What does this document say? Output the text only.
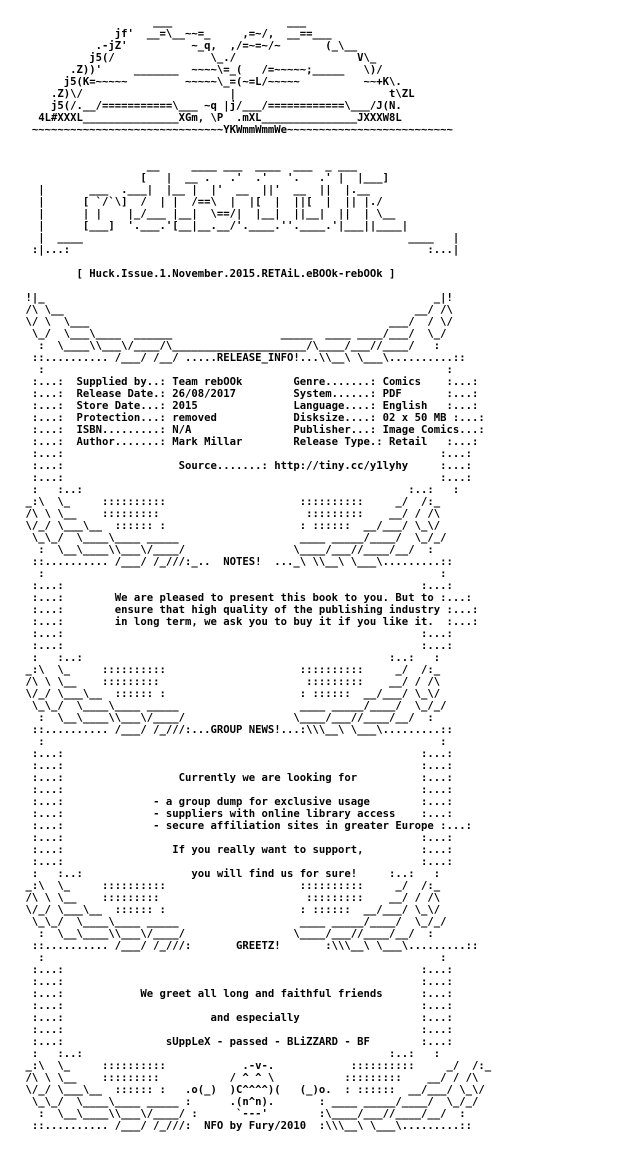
___                  ___
jf'  __=\__~~=_     ,=~/,  __==___
.-jZ'          ~_q,  ,/=~=~/~       (_\__
j5(/               \_./                   V\_
.Z))'     _______  ~~~~\=_(   /=~~~~~;_____   \)/
j5(K=~~~~~         ~~~~~\_=(~=L/~~~~~          ~~+K\.
.Z)\/                       |                        t\ZL
j5(/.__/===========\___ ~q |j/___/============\___/J(N.
4L#XXXL_______________XGm, \P  .mXL_______________JXXXW8L
~~~~~~~~~~~~~~~~~~~~~~~~~~~~~~YKWmmWmmWe~~~~~~~~~~~~~~~~~~~~~~~~~~
__     ____ ___  ____  ___  _ ___
[   |  __ .   .'  .'   '.   .' |  |___]
|       ___  .___|  |__ |  |'  __  ||'  __  ||  |.__
|      [ `/`\]  /  | |  /==\  |  |[  |  ||[  |  || |./
|      | |    |_/___ |__|  \==/|  |__|  ||__|  ||  | \__
|      [___]  '.___.'[__|__.__/'.____.''.____.'|___||____|
|  ____                                                   ____   |
:|...:                                                        :...|
[ Huck.Issue.1.November.2015.RETAiL.eBOOk-rebOOk ]
!|_                                                             _|!
/\ \__                                                       __/ /\
\/ \  \___                                               ___/  / \/
\_/  \___\____  ______                 _____  ____ ____/___/  \_/
:  \____\\___\/____/\_____________________/\____/___//____/   :
::.......... /___/ /__/ .....RELEASE_INFO!...\\__\ \___\..........::
:                                                               :
:...:  Supplied by..: Team rebOOk        Genre.......: Comics    :...:
:...:  Release Date.: 26/08/2017         System......: PDF       :...:
:...:  Store Date...: 2015               Language....: English   :...:
:...:  Protection...: removed            Disksize....: 02 x 50 MB :...:
:...:  ISBN.........: N/A                Publisher...: Image Comics...:
:...:  Author.......: Mark Millar        Release Type.: Retail   :...:
:...:                                                           :...:
:...:                  Source.......: http://tiny.cc/y1lyhy     :...:
:...:                                                           :...:
:   :..:                                                   :..:   :
_:\  \_     ::::::::::                     ::::::::::     _/  /:_
/\ \ \__    :::::::::                       :::::::::    __/ / /\
\/_/ \___\__  :::::: :                     : ::::::  __/___/ \_\/
\_\_/  \____\____ _____                   ____ _____/____/  \_/_/
:  \__\____\\___\/____/                 \____/___//____/__/  :
::.......... /___/ /_///:_..  NOTES!  ..._\ \\__\ \___\.........::
:                                                              :
:...:                                                        :...:
:...:        We are pleased to present this book to you. But to :...:
:...:        ensure that high quality of the publishing industry :...:
:...:        in long term, we ask you to buy it if you like it.  :...:
:...:                                                        :...:
:...:                                                        :...:
:   :..:                                                :..:   :
_:\  \_     ::::::::::                     ::::::::::     _/  /:_
/\ \ \__    :::::::::                       :::::::::    __/ / /\
\/_/ \___\__  :::::: :                     : ::::::  __/___/ \_\/
\_\_/  \____\____ _____                   ____ _____/____/  \_/_/
:  \__\____\\___\/____/                 \____/___//____/__/  :
::.......... /___/ /_///:...GROUP NEWS!...:\\\__\ \___\.........::
:                                                              :
:...:                                                        :...:
:...:                                                        :...:
:...:                  Currently we are looking for          :...:
:...:                                                        :...:
:...:              - a group dump for exclusive usage        :...:
:...:              - suppliers with online library access    :...:
:...:              - secure affiliation sites in greater Europe :...:
:...:                                                        :...:
:...:                 If you really want to support,         :...:
:...:                                                        :...:
:   :..:                 you will find us for sure!     :..:   :
_:\  \_     ::::::::::                     ::::::::::     _/  /:_
/\ \ \__    :::::::::                       :::::::::    __/ / /\
\/_/ \___\__  :::::: :                     : ::::::  __/___/ \_\/
\_\_/  \____\____ _____                   ____ _____/____/  \_/_/
:  \__\____\\___\/____/                 \____/___//____/__/  :
::.......... /___/ /_///:       GREETZ!       :\\\__\ \___\.........::
:                                                              :
:...:                                                        :...:
:...:                                                        :...:
:...:            We greet all long and faithful friends      :...:
:...:                                                        :...:
:...:                       and especially                   :...:
:...:                                                        :...:
:...:                sUppLeX - passed - BLiZZARD - BF        :...:
:   :..:                                                :..:   :
_:\  \_     ::::::::::            .-v-.            ::::::::::     _/  /:_
/\ \ \__    :::::::::           / ^ ^ \           :::::::::    __/ / /\
\/_/ \___\__  :::::: :   .o(_)  )C^^^^)(   (_)o.  : ::::::  __/___/ \_\/
\_\_/  \____\____ _____ :      .(n^n).       : ____ _____/____/  \_/_/
:  \__\____\\___\/____/ :      `---'        :\____/___//____/__/  :
::.......... /___/ /_///:  NFO by Fury/2010  :\\\__\ \___\.........::
